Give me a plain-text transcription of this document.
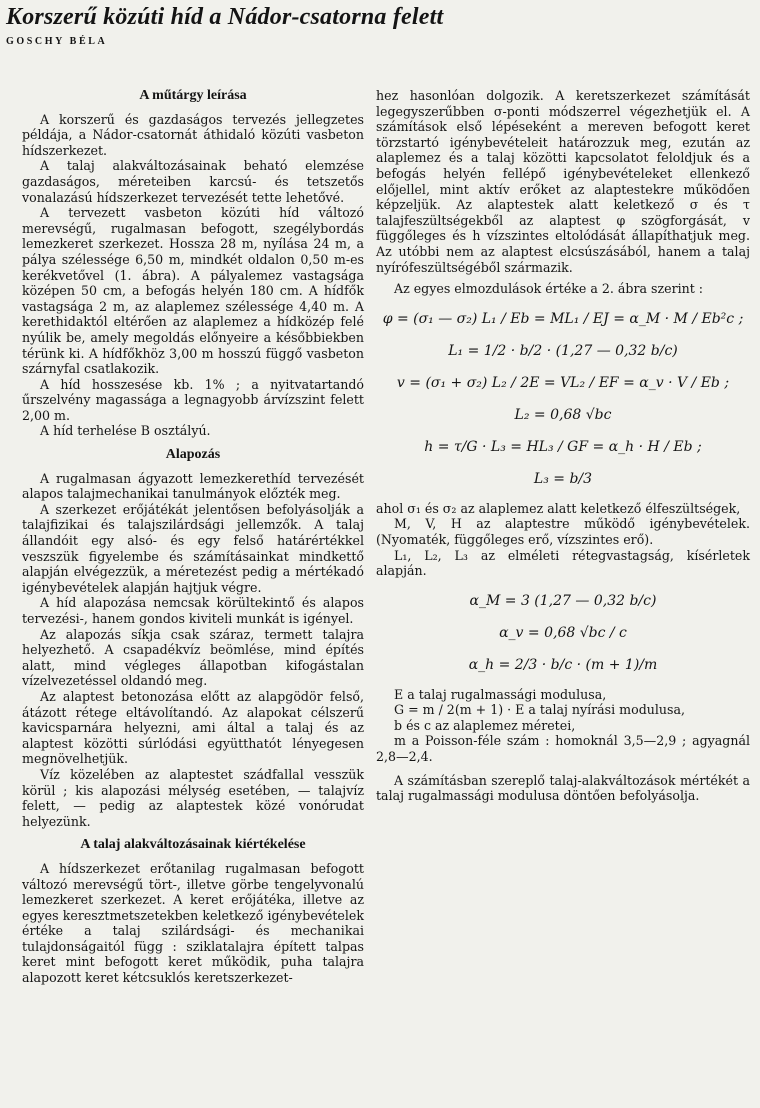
Korszerű közúti híd a Nádor-csatorna felett
GOSCHY BÉLA
A műtárgy leírása

A korszerű és gazdaságos tervezés jellegzetes példája, a Nádor-csatornát áthidaló közúti vasbeton hídszerkezet.

A talaj alakváltozásainak beható elemzése gazdaságos, méreteiben karcsú- és tetszetős vonalazású hídszerkezet tervezését tette lehetővé.

A tervezett vasbeton közúti híd változó merevségű, rugalmasan befogott, szegélybordás lemezkeret szerkezet. Hossza 28 m, nyílása 24 m, a pálya szélessége 6,50 m, mindkét oldalon 0,50 m-es kerékvetővel (1. ábra). A pályalemez vastagsága középen 50 cm, a befogás helyén 180 cm. A hídfők vastagsága 2 m, az alaplemez szélessége 4,40 m. A kerethidaktól eltérően az alaplemez a hídközép felé nyúlik be, amely megoldás előnyeire a későbbiekben térünk ki. A hídfőkhöz 3,00 m hosszú függő vasbeton szárnyfal csatlakozik.

A híd hosszesése kb. 1% ; a nyitvatartandó űrszelvény magassága a legnagyobb árvízszint felett 2,00 m.

A híd terhelése B osztályú.

Alapozás

A rugalmasan ágyazott lemezkerethíd tervezését alapos talajmechanikai tanulmányok előzték meg.

A szerkezet erőjátékát jelentősen befolyásolják a talajfizikai és talajszilárdsági jellemzők. A talaj állandóit egy alsó- és egy felső határértékkel veszszük figyelembe és számításainkat mindkettő alapján elvégezzük, a méretezést pedig a mértékadó igénybevételek alapján hajtjuk végre.

A híd alapozása nemcsak körültekintő és alapos tervezési-, hanem gondos kiviteli munkát is igényel.

Az alapozás síkja csak száraz, termett talajra helyezhető. A csapadékvíz beömlése, mind építés alatt, mind végleges állapotban kifogástalan vízelvezetéssel oldandó meg.

Az alaptest betonozása előtt az alapgödör felső, átázott rétege eltávolítandó. Az alapokat célszerű kavicsparnára helyezni, ami által a talaj és az alaptest közötti súrlódási együtthatót lényegesen megnövelhetjük.

Víz közelében az alaptestet szádfallal vesszük körül ; kis alapozási mélység esetében, — talajvíz felett, — pedig az alaptestek közé vonórudat helyezünk.

A talaj alakváltozásainak kiértékelése

A hídszerkezet erőtanilag rugalmasan befogott változó merevségű tört-, illetve görbe tengelyvonalú lemezkeret szerkezet. A keret erőjátéka, illetve az egyes keresztmetszetekben keletkező igénybevételek értéke a talaj szilárdsági- és mechanikai tulajdonságaitól függ : sziklatalajra épített talpas keret mint befogott keret működik, puha talajra alapozott keret kétcsuklós keretszerkezet-

hez hasonlóan dolgozik. A keretszerkezet számítását legegyszerűbben σ-ponti módszerrel végezhetjük el. A számítások első lépéseként a mereven befogott keret törzstartó igénybevételeit határozzuk meg, ezután az alaplemez és a talaj közötti kapcsolatot feloldjuk és a befogás helyén fellépő igénybevételeket ellenkező előjellel, mint aktív erőket az alaptestekre működően képzeljük. Az alaptestek alatt keletkező σ és τ talajfeszültségekből az alaptest φ szögforgását, v függőleges és h vízszintes eltolódását állapíthatjuk meg. Az utóbbi nem az alaptest elcsúszásából, hanem a talaj nyírófeszültségéből származik.

Az egyes elmozdulások értéke a 2. ábra szerint :

φ = (σ₁ — σ₂) L₁ / Eb = ML₁ / EJ = α_M · M / Eb²c ;
L₁ = 1/2 · b/2 · (1,27 — 0,32 b/c)
v = (σ₁ + σ₂) L₂ / 2E = VL₂ / EF = α_v · V / Eb ;
L₂ = 0,68 √bc
h = τ/G · L₃ = HL₃ / GF = α_h · H / Eb ;
L₃ = b/3

ahol σ₁ és σ₂ az alaplemez alatt keletkező élfeszültségek,

M, V, H az alaptestre működő igénybevételek. (Nyomaték, függőleges erő, vízszintes erő).

L₁, L₂, L₃ az elméleti rétegvastagság, kísérletek alapján.

α_M = 3 (1,27 — 0,32 b/c)
α_v = 0,68 √bc / c
α_h = 2/3 · b/c · (m + 1)/m

E a talaj rugalmassági modulusa,

G = m / 2(m + 1) · E a talaj nyírási modulusa,

b és c az alaplemez méretei,

m a Poisson-féle szám : homoknál 3,5—2,9 ; agyagnál 2,8—2,4.

A számításban szereplő talaj-alakváltozások mértékét a talaj rugalmassági modulusa döntően befolyásolja.
